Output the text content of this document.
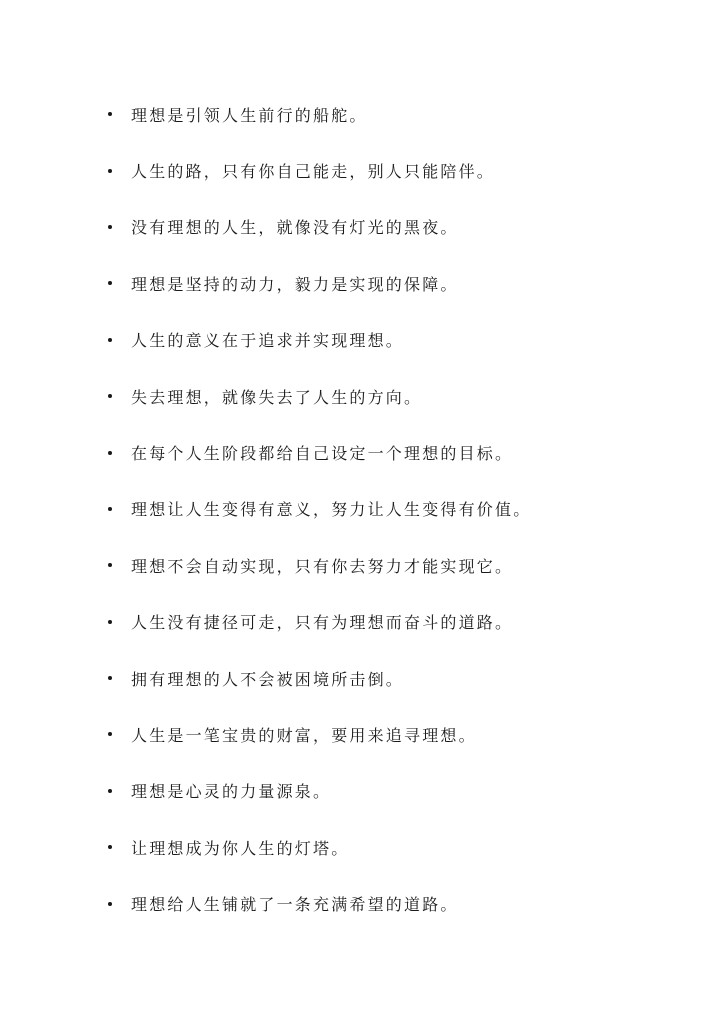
理想是引领人生前行的船舵。
人生的路，只有你自己能走，别人只能陪伴。
没有理想的人生，就像没有灯光的黑夜。
理想是坚持的动力，毅力是实现的保障。
人生的意义在于追求并实现理想。
失去理想，就像失去了人生的方向。
在每个人生阶段都给自己设定一个理想的目标。
理想让人生变得有意义，努力让人生变得有价值。
理想不会自动实现，只有你去努力才能实现它。
人生没有捷径可走，只有为理想而奋斗的道路。
拥有理想的人不会被困境所击倒。
人生是一笔宝贵的财富，要用来追寻理想。
理想是心灵的力量源泉。
让理想成为你人生的灯塔。
理想给人生铺就了一条充满希望的道路。
